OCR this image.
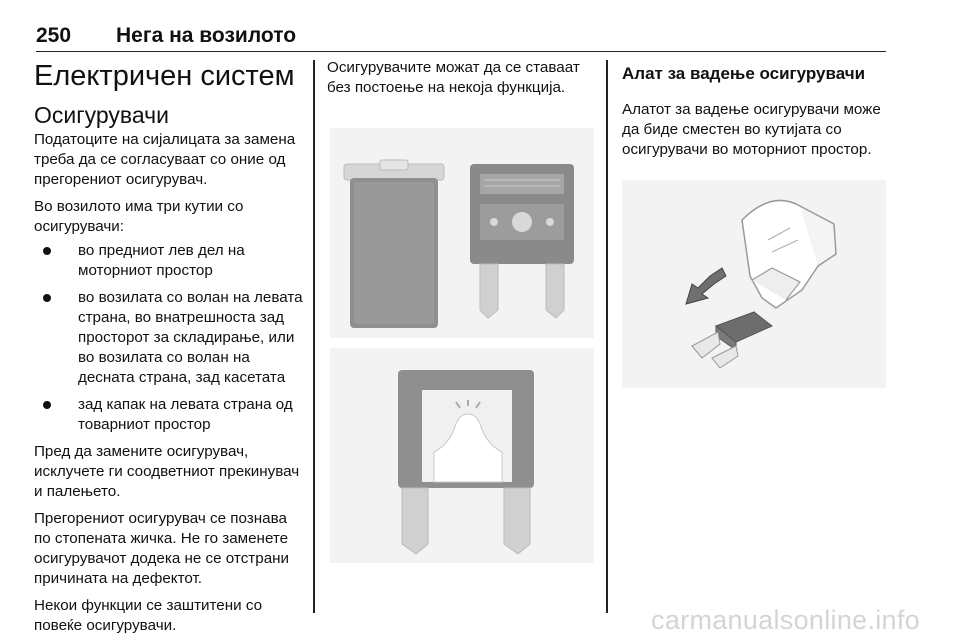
250	Нега на возилото
Електричен систем
Осигурувачи

Податоците на сијалицата за замена треба да се согласуваат со оние од прегорениот осигурувач.

Во возилото има три кутии со осигурувачи:

во предниот лев дел на моторниот простор
во возилата со волан на левата страна, во внатрешноста зад просторот за складирање, или во возилата со волан на десната страна, зад касетата
зад капак на левата страна од товарниот простор

Пред да замените осигурувач, исклучете ги соодветниот прекинувач и палењето.

Прегорениот осигурувач се познава по стопената жичка. Не го заменете осигурувачот додека не се отстрани причината на дефектот.

Некои функции се заштитени со повеќе осигурувачи.

Осигурувачите можат да се ставаат без постоење на некоја функција.

Алат за вадење осигурувачи

Алатот за вадење осигурувачи може да биде сместен во кутијата со осигурувачи во моторниот простор.

carmanualsonline.info
